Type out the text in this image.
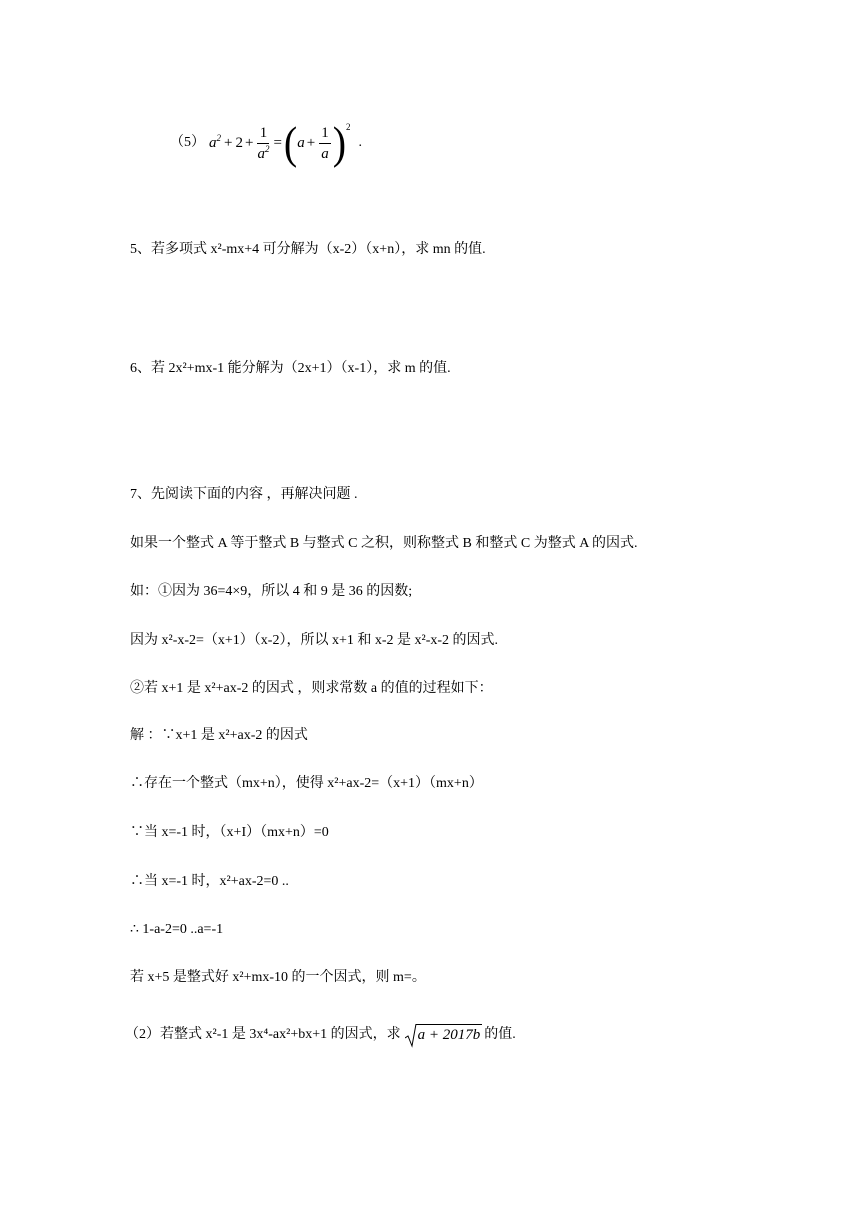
（5） $a^2 + 2 + \frac{1}{a^2}$ = ( $a + \frac{1}{a} )^2$
.
5、若多项式 x²-mx+4 可分解为（x-2）（x+n），求 mn 的值.
6、若 2x²+mx-1 能分解为（2x+1）（x-1），求 m 的值.
7、先阅读下面的内容 ，再解决问题 .
如果一个整式 A 等于整式 B 与整式 C 之积，则称整式 B 和整式 C 为整式 A 的因式.
如：①因为 36=4×9，所以 4 和 9 是 36 的因数;
因为 x²-x-2=（x+1）（x-2），所以 x+1 和 x-2 是 x²-x-2 的因式.
②若 x+1 是 x²+ax-2 的因式 ，则求常数 a 的值的过程如下：
解 ：∵x+1 是 x²+ax-2 的因式
∴存在一个整式（mx+n），使得 x²+ax-2=（x+1）（mx+n）
∵当 x=-1 时，（x+I）（mx+n）=0
∴当 x=-1 时，x²+ax-2=0 ..
∴ 1-a-2=0 ..a=-1
若 x+5 是整式好 x²+mx-10 的一个因式，则 m=。
（2）若整式 x²-1 是 3x⁴-ax²+bx+1 的因式，求	a + 2017b 的值.
